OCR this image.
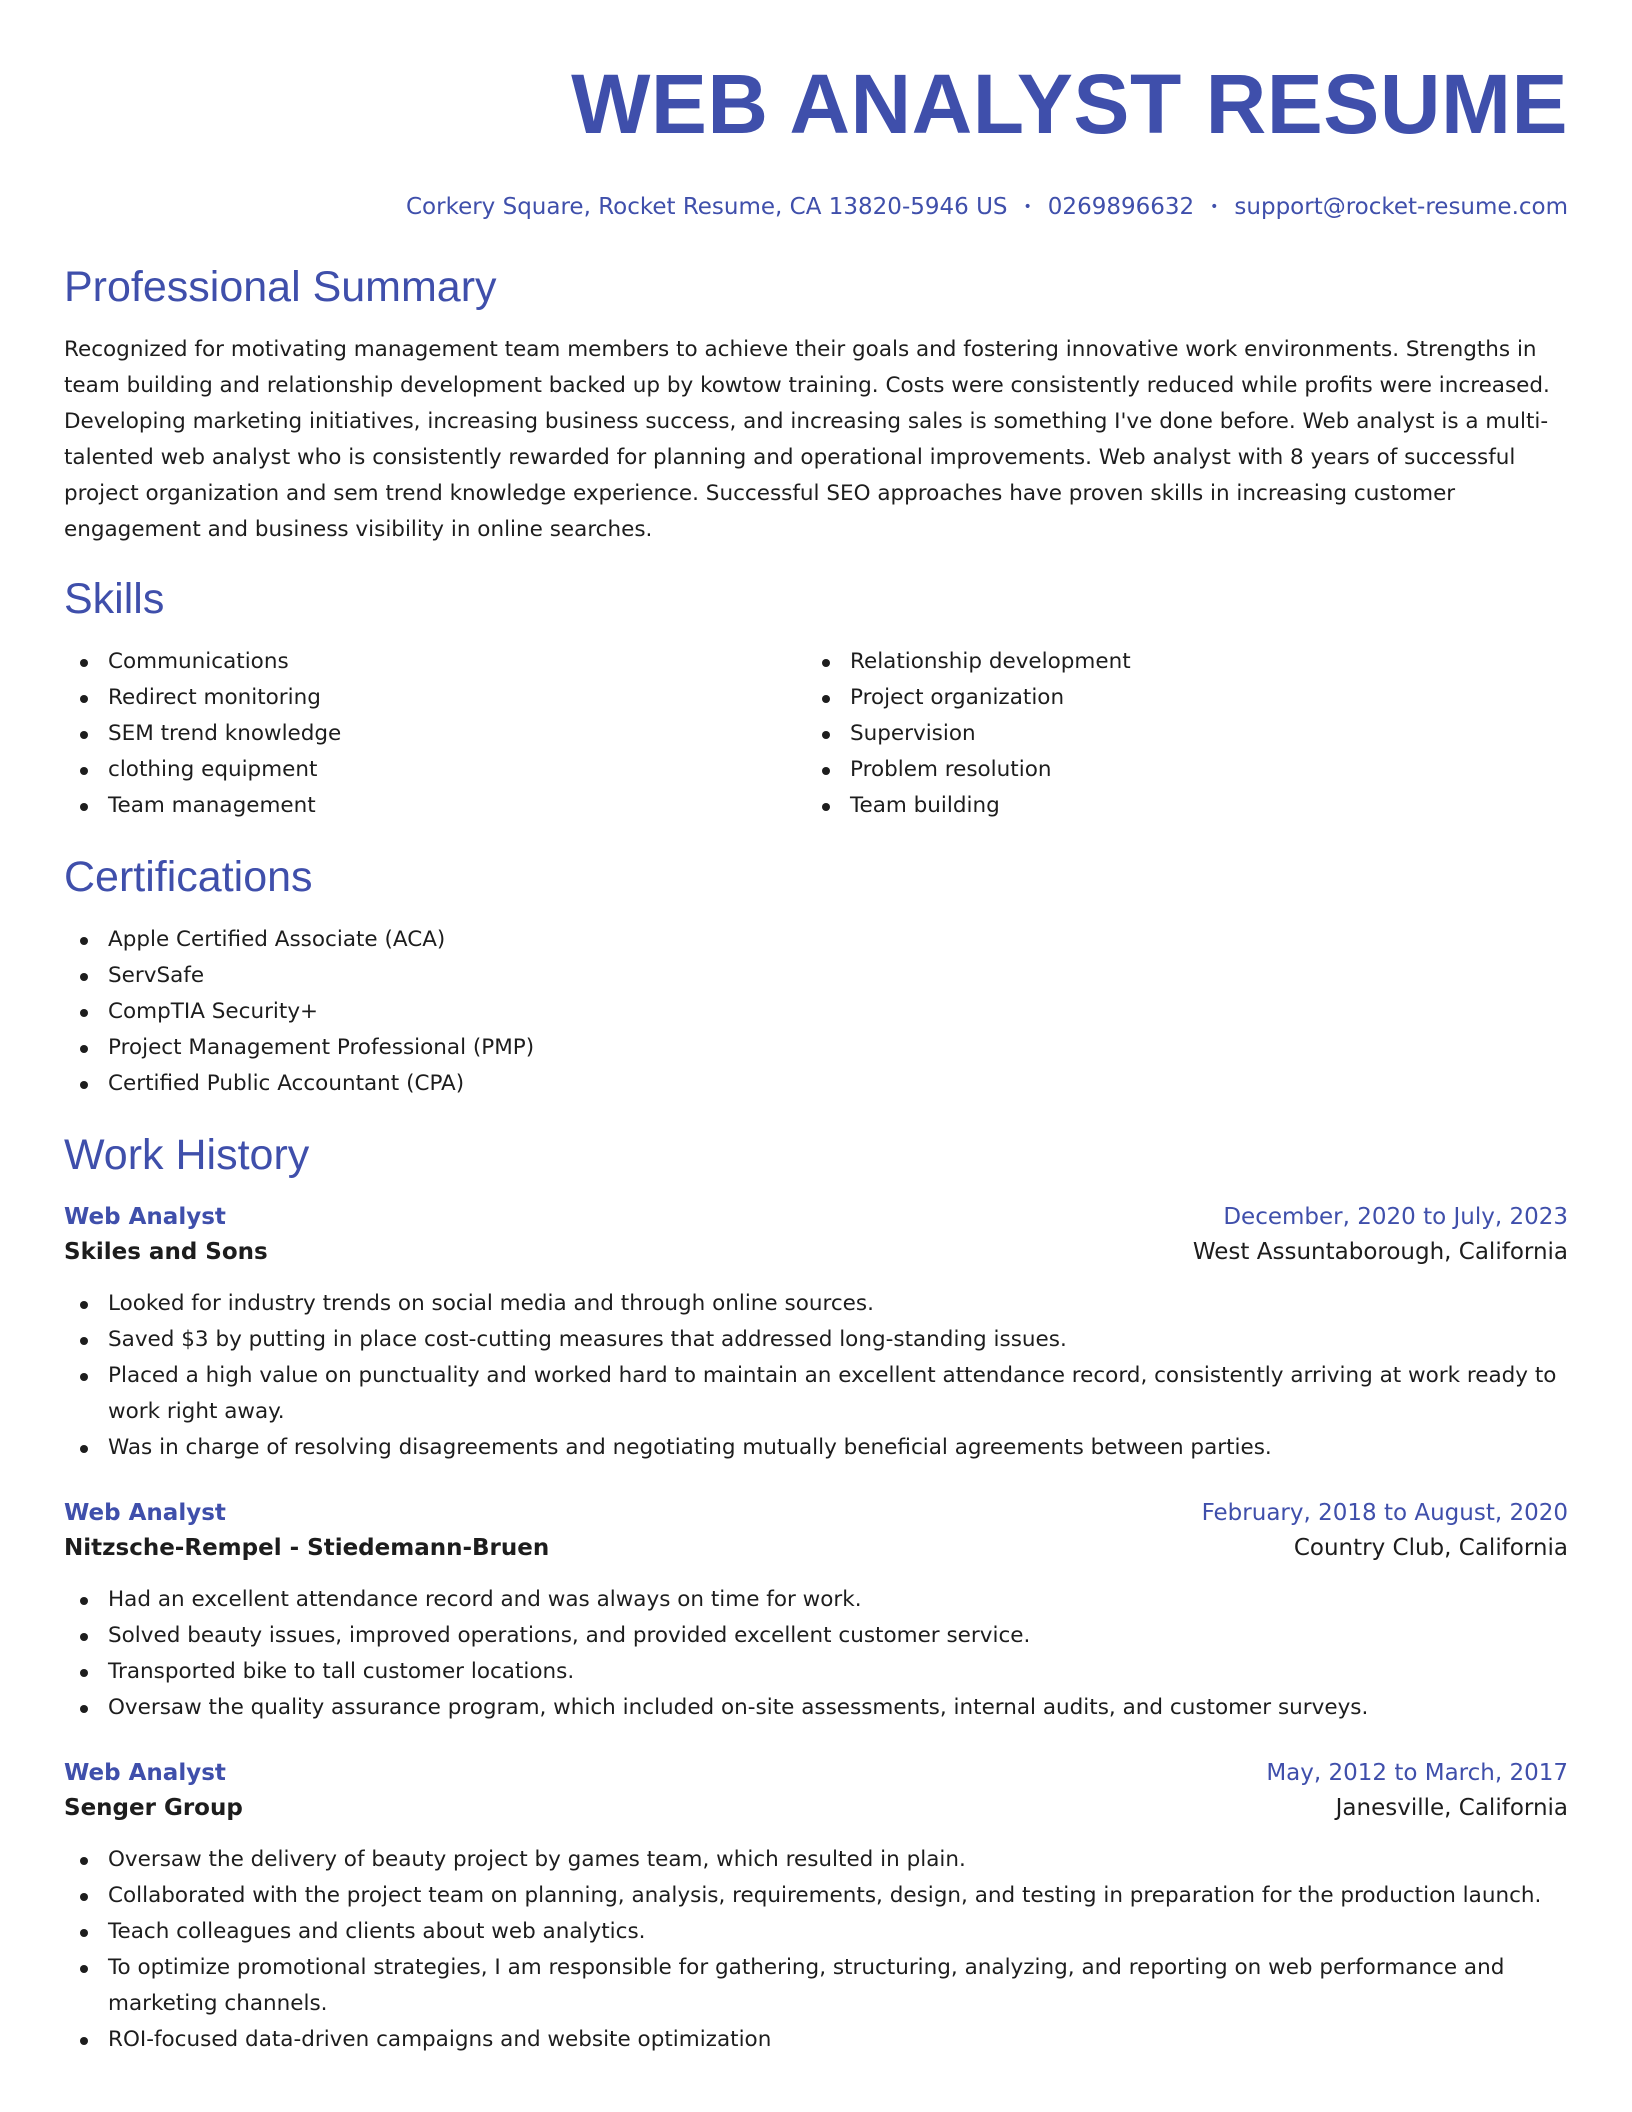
WEB ANALYST RESUME
Corkery Square, Rocket Resume, CA 13820-5946 US • 0269896632 • support@rocket-resume.com
Professional Summary

Recognized for motivating management team members to achieve their goals and fostering innovative work environments. Strengths in team building and relationship development backed up by kowtow training. Costs were consistently reduced while profits were increased. Developing marketing initiatives, increasing business success, and increasing sales is something I've done before. Web analyst is a multi-talented web analyst who is consistently rewarded for planning and operational improvements. Web analyst with 8 years of successful project organization and sem trend knowledge experience. Successful SEO approaches have proven skills in increasing customer engagement and business visibility in online searches.

Skills
Communications
Redirect monitoring
SEM trend knowledge
clothing equipment
Team management
Relationship development
Project organization
Supervision
Problem resolution
Team building
Certifications
Apple Certified Associate (ACA)
ServSafe
CompTIA Security+
Project Management Professional (PMP)
Certified Public Accountant (CPA)
Work History
Web Analyst	December, 2020 to July, 2023
Skiles and Sons	West Assuntaborough, California
Looked for industry trends on social media and through online sources.
Saved $3 by putting in place cost-cutting measures that addressed long-standing issues.
Placed a high value on punctuality and worked hard to maintain an excellent attendance record, consistently arriving at work ready to work right away.
Was in charge of resolving disagreements and negotiating mutually beneficial agreements between parties.
Web Analyst	February, 2018 to August, 2020
Nitzsche-Rempel - Stiedemann-Bruen	Country Club, California
Had an excellent attendance record and was always on time for work.
Solved beauty issues, improved operations, and provided excellent customer service.
Transported bike to tall customer locations.
Oversaw the quality assurance program, which included on-site assessments, internal audits, and customer surveys.
Web Analyst	May, 2012 to March, 2017
Senger Group	Janesville, California
Oversaw the delivery of beauty project by games team, which resulted in plain.
Collaborated with the project team on planning, analysis, requirements, design, and testing in preparation for the production launch.
Teach colleagues and clients about web analytics.
To optimize promotional strategies, I am responsible for gathering, structuring, analyzing, and reporting on web performance and marketing channels.
ROI-focused data-driven campaigns and website optimization
